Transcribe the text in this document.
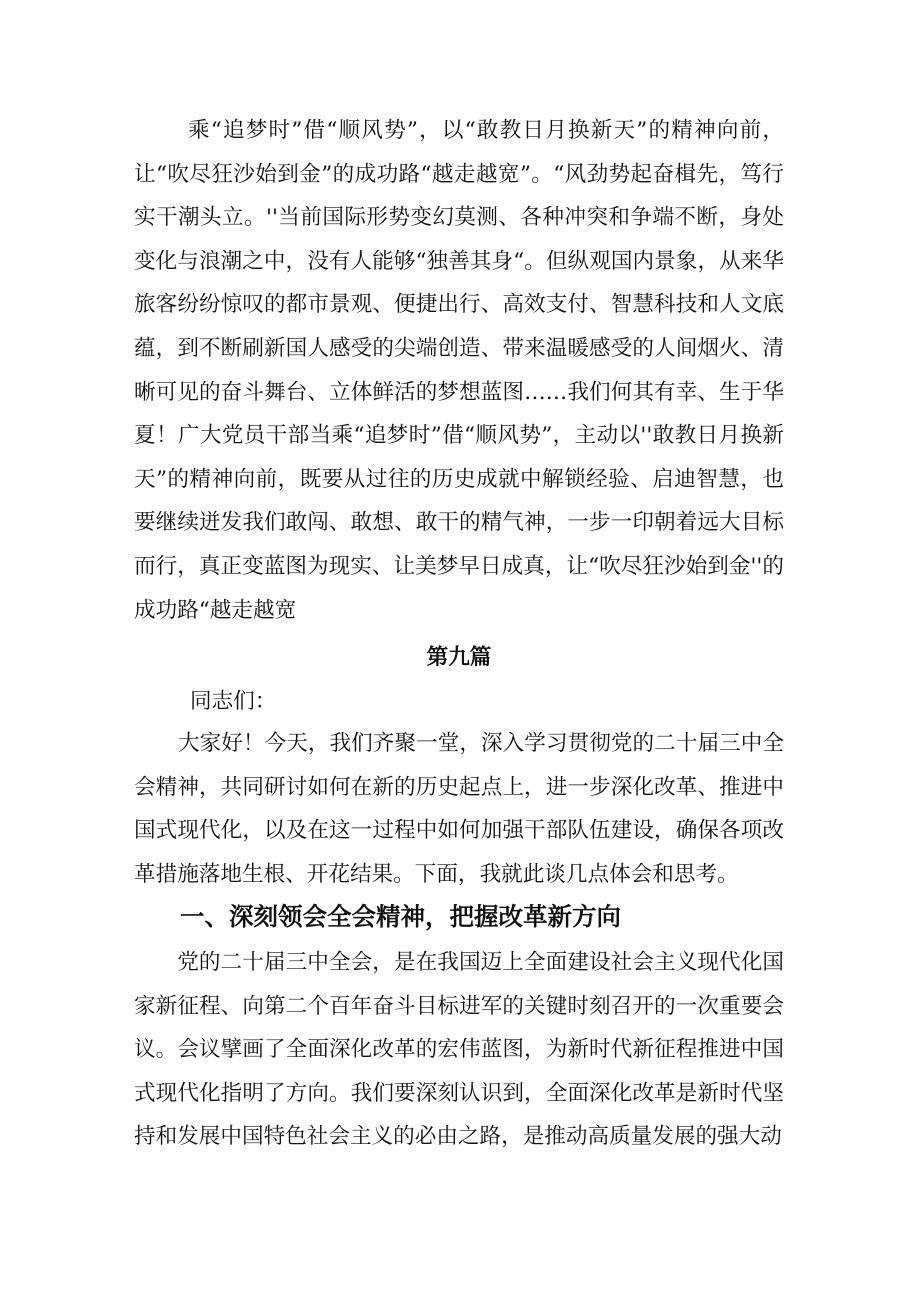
乘“追梦时”借“顺风势”，以“敢教日月换新天”的精神向前，让“吹尽狂沙始到金”的成功路“越走越宽”。“风劲势起奋楫先，笃行实干潮头立。''当前国际形势变幻莫测、各种冲突和争端不断，身处变化与浪潮之中，没有人能够“独善其身“。但纵观国内景象，从来华旅客纷纷惊叹的都市景观、便捷出行、高效支付、智慧科技和人文底蕴，到不断刷新国人感受的尖端创造、带来温暖感受的人间烟火、清晰可见的奋斗舞台、立体鲜活的梦想蓝图……我们何其有幸、生于华夏！广大党员干部当乘“追梦时”借“顺风势”，主动以''敢教日月换新天”的精神向前，既要从过往的历史成就中解锁经验、启迪智慧，也要继续迸发我们敢闯、敢想、敢干的精气神，一步一印朝着远大目标而行，真正变蓝图为现实、让美梦早日成真，让“吹尽狂沙始到金''的成功路“越走越宽

第九篇

同志们：

大家好！今天，我们齐聚一堂，深入学习贯彻党的二十届三中全会精神，共同研讨如何在新的历史起点上，进一步深化改革、推进中国式现代化，以及在这一过程中如何加强干部队伍建设，确保各项改革措施落地生根、开花结果。下面，我就此谈几点体会和思考。

一、深刻领会全会精神，把握改革新方向

党的二十届三中全会，是在我国迈上全面建设社会主义现代化国家新征程、向第二个百年奋斗目标进军的关键时刻召开的一次重要会议。会议擘画了全面深化改革的宏伟蓝图，为新时代新征程推进中国式现代化指明了方向。我们要深刻认识到，全面深化改革是新时代坚持和发展中国特色社会主义的必由之路，是推动高质量发展的强大动
